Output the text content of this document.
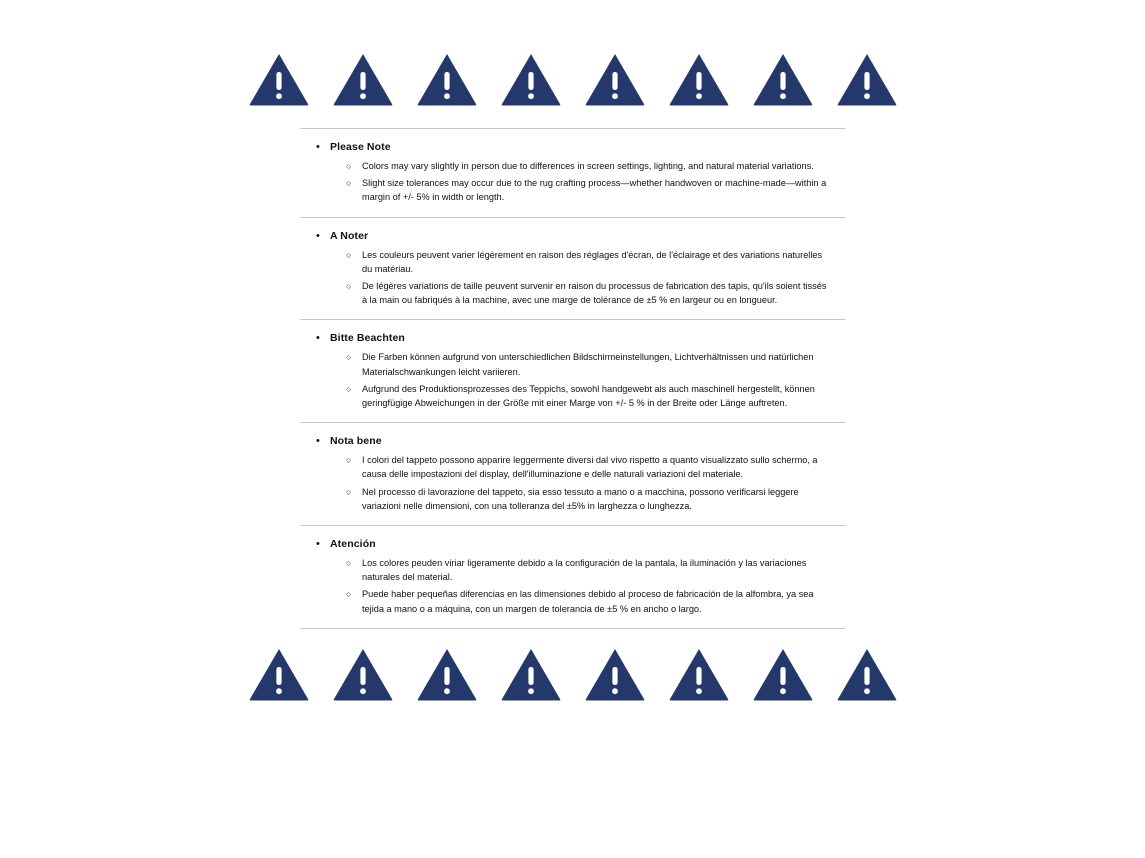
• Please Note
○	Colors may vary slightly in person due to differences in screen settings, lighting, and natural material variations.
○	Slight size tolerances may occur due to the rug crafting process—whether handwoven or machine-made—within a margin of +/- 5% in width or length.
• A Noter
○	Les couleurs peuvent varier légèrement en raison des réglages d'écran, de l'éclairage et des variations naturelles du matériau.
○	De légères variations de taille peuvent survenir en raison du processus de fabrication des tapis, qu'ils soient tissés à la main ou fabriqués à la machine, avec une marge de tolérance de ±5 % en largeur ou en longueur.
• Bitte Beachten
○	Die Farben können aufgrund von unterschiedlichen Bildschirmeinstellungen, Lichtverhältnissen und natürlichen Materialschwankungen leicht variieren.
○	Aufgrund des Produktionsprozesses des Teppichs, sowohl handgewebt als auch maschinell hergestellt, können geringfügige Abweichungen in der Größe mit einer Marge von +/- 5 % in der Breite oder Länge auftreten.
• Nota bene
○	I colori del tappeto possono apparire leggermente diversi dal vivo rispetto a quanto visualizzato sullo schermo, a causa delle impostazioni del display, dell'illuminazione e delle naturali variazioni del materiale.
○	Nel processo di lavorazione del tappeto, sia esso tessuto a mano o a macchina, possono verificarsi leggere variazioni nelle dimensioni, con una tolleranza del ±5% in larghezza o lunghezza.
• Atención
○	Los colores peuden viriar ligeramente debido a la configuración de la pantala, la iluminación y las variaciones naturales del material.
○	Puede haber pequeñas diferencias en las dimensiones debido al proceso de fabricación de la alfombra, ya sea tejida a mano o a máquina, con un margen de tolerancia de ±5 % en ancho o largo.
